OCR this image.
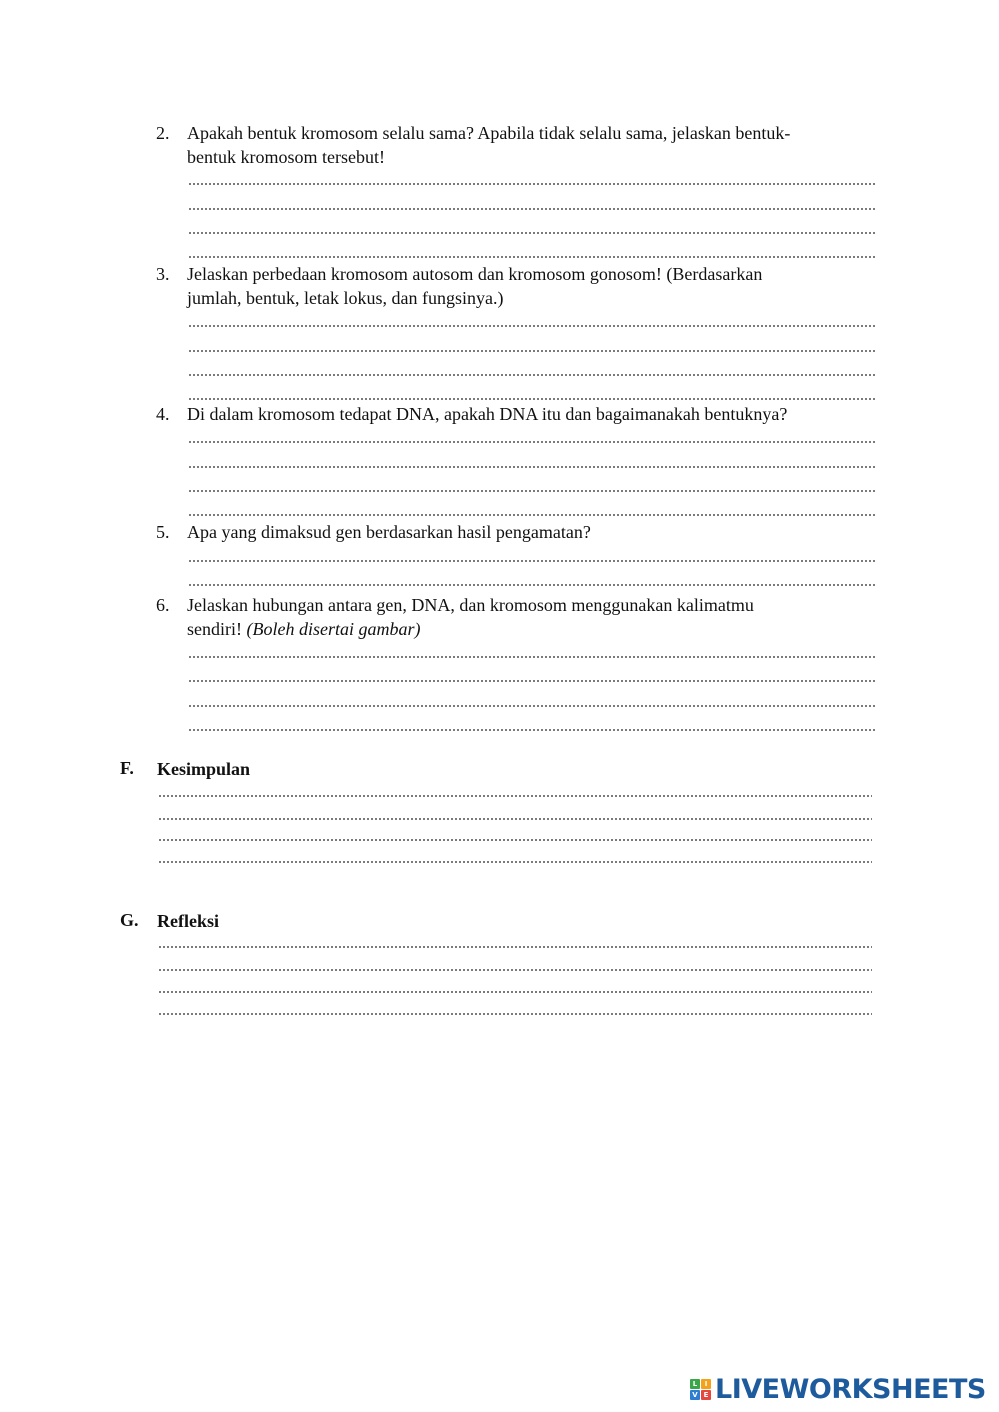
2. Apakah bentuk kromosom selalu sama? Apabila tidak selalu sama, jelaskan bentuk-
bentuk kromosom tersebut!
3. Jelaskan perbedaan kromosom autosom dan kromosom gonosom! (Berdasarkan
jumlah, bentuk, letak lokus, dan fungsinya.)
4. Di dalam kromosom tedapat DNA, apakah DNA itu dan bagaimanakah bentuknya?
5. Apa yang dimaksud gen berdasarkan hasil pengamatan?
6. Jelaskan hubungan antara gen, DNA, dan kromosom menggunakan kalimatmu
sendiri! (Boleh disertai gambar)
F. Kesimpulan
G. Refleksi
L	I
V E LIVEWORKSHEETS
